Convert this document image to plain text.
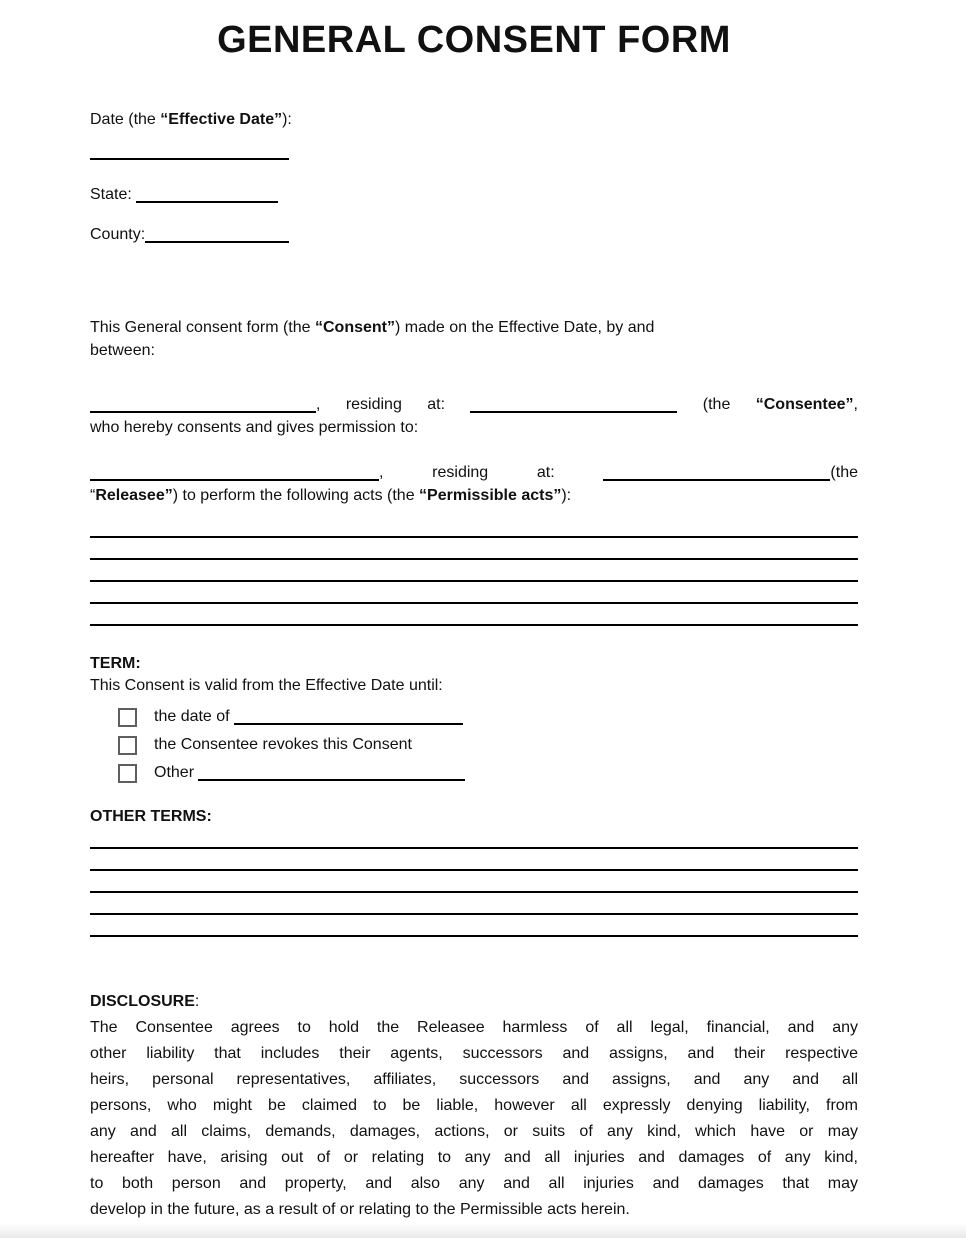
GENERAL CONSENT FORM
Date (the “Effective Date”):
State:
County:
This General consent form (the “Consent”) made on the Effective Date, by and
between:
, residing at:	(the “Consentee”,
who hereby consents and gives permission to:
, residing at:	(the
“Releasee”) to perform the following acts (the “Permissible acts”):
TERM:
This Consent is valid from the Effective Date until:
the date of
the Consentee revokes this Consent
Other
OTHER TERMS:
DISCLOSURE:
The Consentee agrees to hold the Releasee harmless of all legal, financial, and any
other liability that includes their agents, successors and assigns, and their respective
heirs, personal representatives, affiliates, successors and assigns, and any and all
persons, who might be claimed to be liable, however all expressly denying liability, from
any and all claims, demands, damages, actions, or suits of any kind, which have or may
hereafter have, arising out of or relating to any and all injuries and damages of any kind,
to both person and property, and also any and all injuries and damages that may
develop in the future, as a result of or relating to the Permissible acts herein.
